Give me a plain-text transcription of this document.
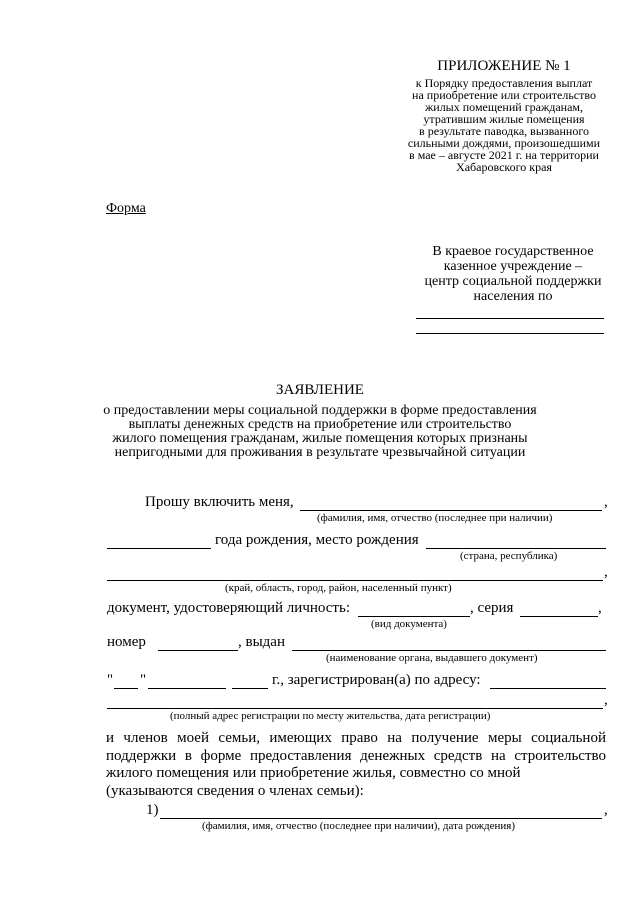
ПРИЛОЖЕНИЕ № 1
к Порядку предоставления выплат
на приобретение или строительство
жилых помещений гражданам,
утратившим жилые помещения
в результате паводка, вызванного
сильными дождями, произошедшими
в мае – августе 2021 г. на территории
Хабаровского края
Форма
В краевое государственное
казенное учреждение –
центр социальной поддержки
населения по
ЗАЯВЛЕНИЕ
о предоставлении меры социальной поддержки в форме предоставления
выплаты денежных средств на приобретение или строительство
жилого помещения гражданам, жилые помещения которых признаны
непригодными для проживания в результате чрезвычайной ситуации
Прошу включить меня,	,
(фамилия, имя, отчество (последнее при наличии)
года рождения, место рождения
(страна, республика)
,
(край, область, город, район, населенный пункт)
документ, удостоверяющий личность:	, серия	,
(вид документа)
номер	, выдан
(наименование органа, выдавшего документ)
" "	г., зарегистрирован(а) по адресу:
,
(полный адрес регистрации по месту жительства, дата регистрации)
и членов моей семьи, имеющих право на получение меры социальной поддержки в форме предоставления денежных средств на строительство жилого помещения или приобретение жилья, совместно со мной
(указываются сведения о членах семьи):
1)	,
(фамилия, имя, отчество (последнее при наличии), дата рождения)
